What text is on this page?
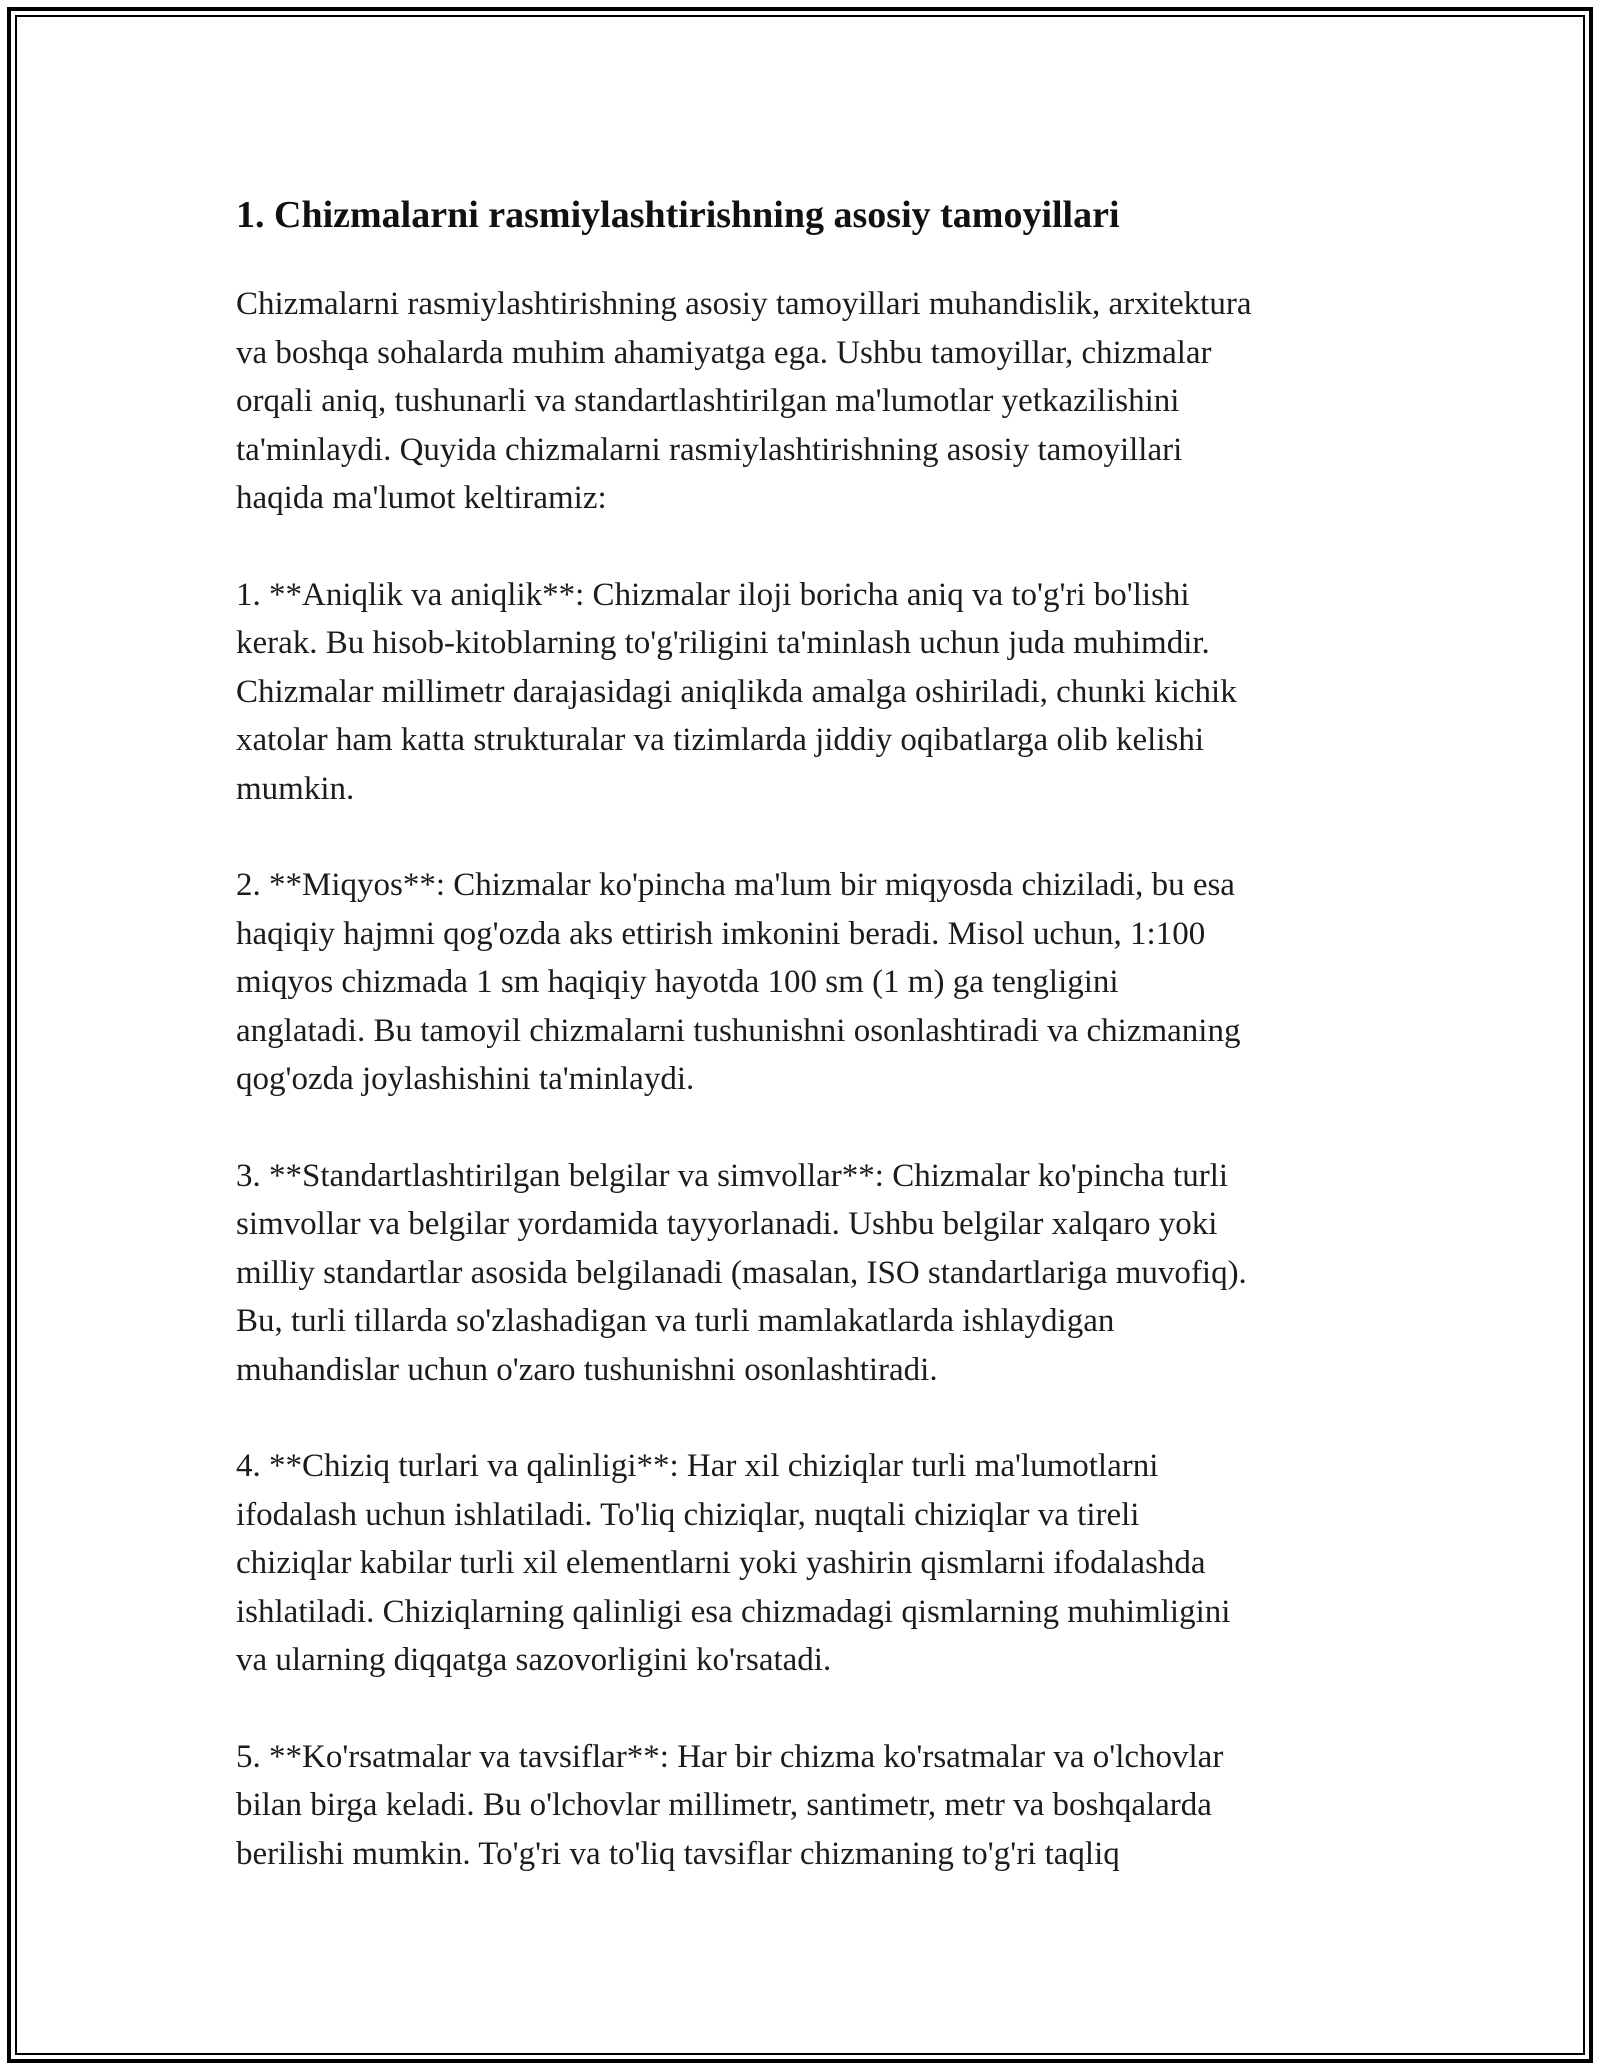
1. Chizmalarni rasmiylashtirishning asosiy tamoyillari

Chizmalarni rasmiylashtirishning asosiy tamoyillari muhandislik, arxitektura
va boshqa sohalarda muhim ahamiyatga ega. Ushbu tamoyillar, chizmalar
orqali aniq, tushunarli va standartlashtirilgan ma'lumotlar yetkazilishini
ta'minlaydi. Quyida chizmalarni rasmiylashtirishning asosiy tamoyillari
haqida ma'lumot keltiramiz:

1. **Aniqlik va aniqlik**: Chizmalar iloji boricha aniq va to'g'ri bo'lishi
kerak. Bu hisob-kitoblarning to'g'riligini ta'minlash uchun juda muhimdir.
Chizmalar millimetr darajasidagi aniqlikda amalga oshiriladi, chunki kichik
xatolar ham katta strukturalar va tizimlarda jiddiy oqibatlarga olib kelishi
mumkin.

2. **Miqyos**: Chizmalar ko'pincha ma'lum bir miqyosda chiziladi, bu esa
haqiqiy hajmni qog'ozda aks ettirish imkonini beradi. Misol uchun, 1:100
miqyos chizmada 1 sm haqiqiy hayotda 100 sm (1 m) ga tengligini
anglatadi. Bu tamoyil chizmalarni tushunishni osonlashtiradi va chizmaning
qog'ozda joylashishini ta'minlaydi.

3. **Standartlashtirilgan belgilar va simvollar**: Chizmalar ko'pincha turli
simvollar va belgilar yordamida tayyorlanadi. Ushbu belgilar xalqaro yoki
milliy standartlar asosida belgilanadi (masalan, ISO standartlariga muvofiq).
Bu, turli tillarda so'zlashadigan va turli mamlakatlarda ishlaydigan
muhandislar uchun o'zaro tushunishni osonlashtiradi.

4. **Chiziq turlari va qalinligi**: Har xil chiziqlar turli ma'lumotlarni
ifodalash uchun ishlatiladi. To'liq chiziqlar, nuqtali chiziqlar va tireli
chiziqlar kabilar turli xil elementlarni yoki yashirin qismlarni ifodalashda
ishlatiladi. Chiziqlarning qalinligi esa chizmadagi qismlarning muhimligini
va ularning diqqatga sazovorligini ko'rsatadi.

5. **Ko'rsatmalar va tavsiflar**: Har bir chizma ko'rsatmalar va o'lchovlar
bilan birga keladi. Bu o'lchovlar millimetr, santimetr, metr va boshqalarda
berilishi mumkin. To'g'ri va to'liq tavsiflar chizmaning to'g'ri taqliq
